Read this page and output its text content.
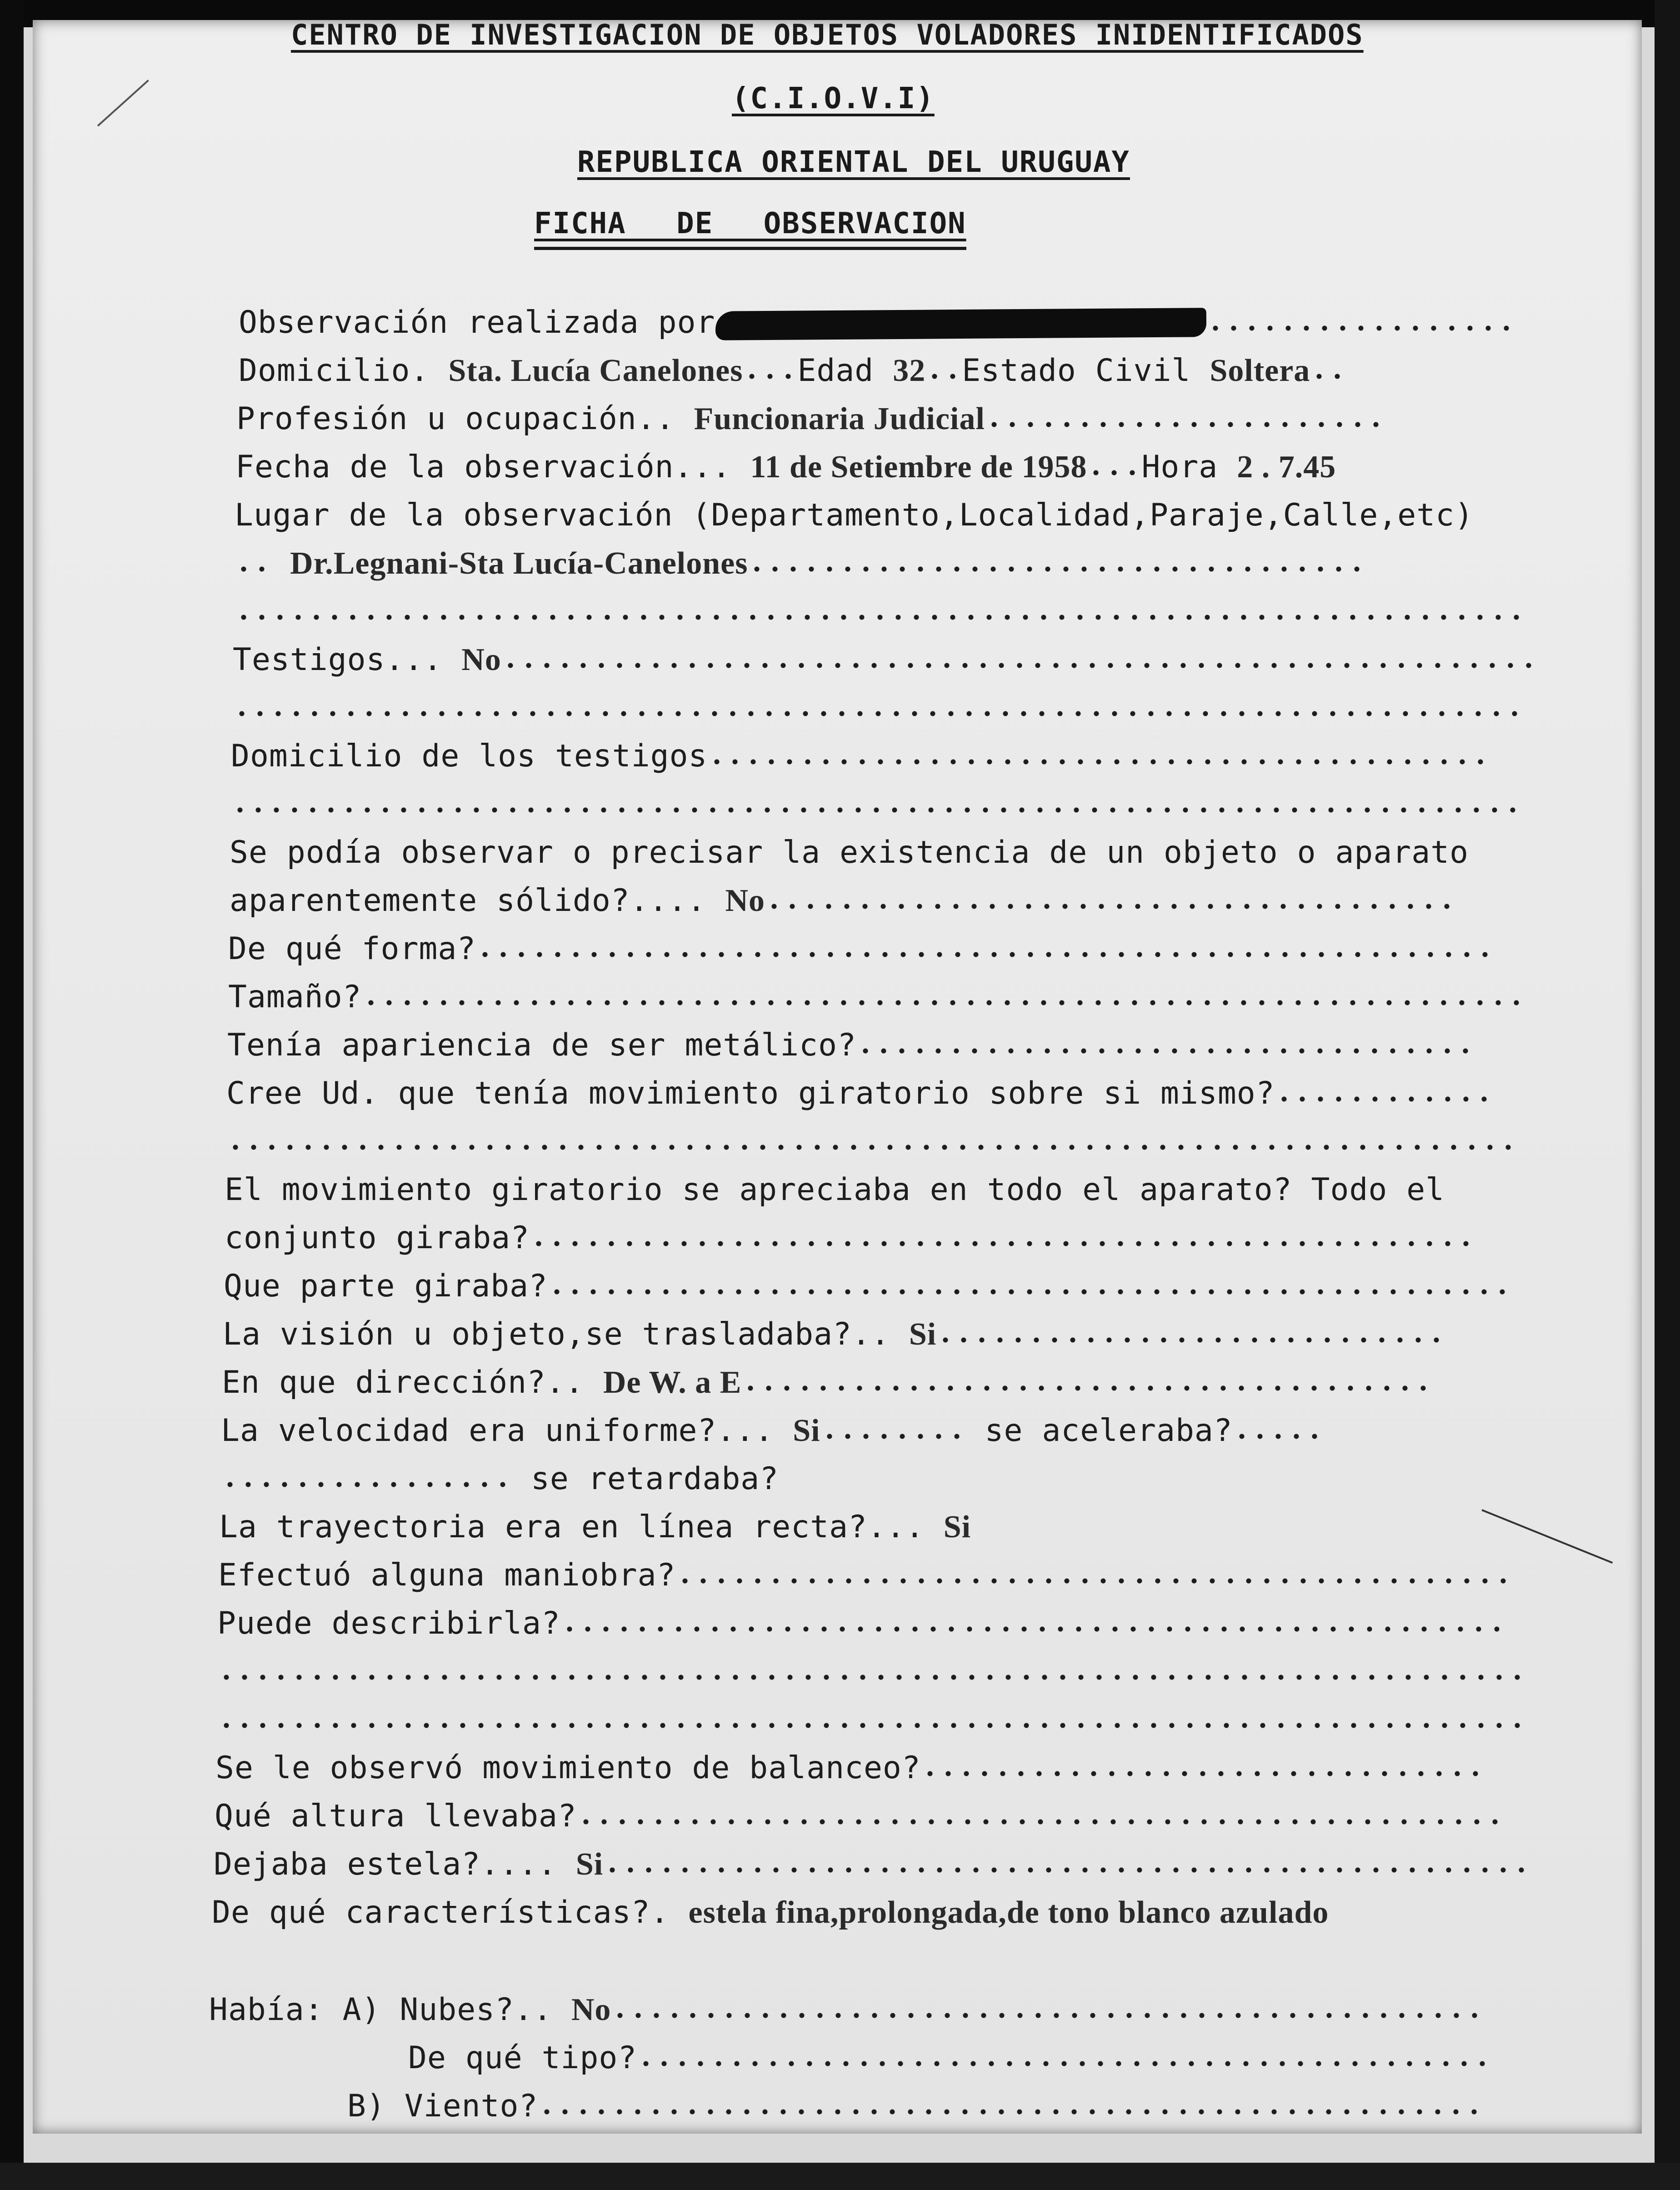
CENTRO DE INVESTIGACION DE OBJETOS VOLADORES INIDENTIFICADOS
(C.I.O.V.I)
REPUBLICA ORIENTAL DEL URUGUAY
FICHA DE OBSERVACION
Observación realizada por
Domicilio. Sta. Lucía Canelones Edad 32 Estado Civil Soltera
Profesión u ocupación.. Funcionaria Judicial
Fecha de la observación... 11 de Setiembre de 1958 Hora 2 . 7.45
Lugar de la observación (Departamento,Localidad,Paraje,Calle,etc)
Dr.Legnani-Sta Lucía-Canelones
Testigos... No
Domicilio de los testigos
Se podía observar o precisar la existencia de un objeto o aparato
aparentemente sólido?.... No
De qué forma?
Tamaño?
Tenía apariencia de ser metálico?
Cree Ud. que tenía movimiento giratorio sobre si mismo?
El movimiento giratorio se apreciaba en todo el aparato? Todo el
conjunto giraba?
Que parte giraba?
La visión u objeto,se trasladaba?.. Si
En que dirección?.. De W. a E
La velocidad era uniforme?... Si	se aceleraba?
se retardaba?
La trayectoria era en línea recta?... Si
Efectuó alguna maniobra?
Puede describirla?
Se le observó movimiento de balanceo?
Qué altura llevaba?
Dejaba estela?.... Si
De qué características?. estela fina,prolongada,de tono blanco azulado
Había: A) Nubes?.. No
De qué tipo?
B) Viento?
